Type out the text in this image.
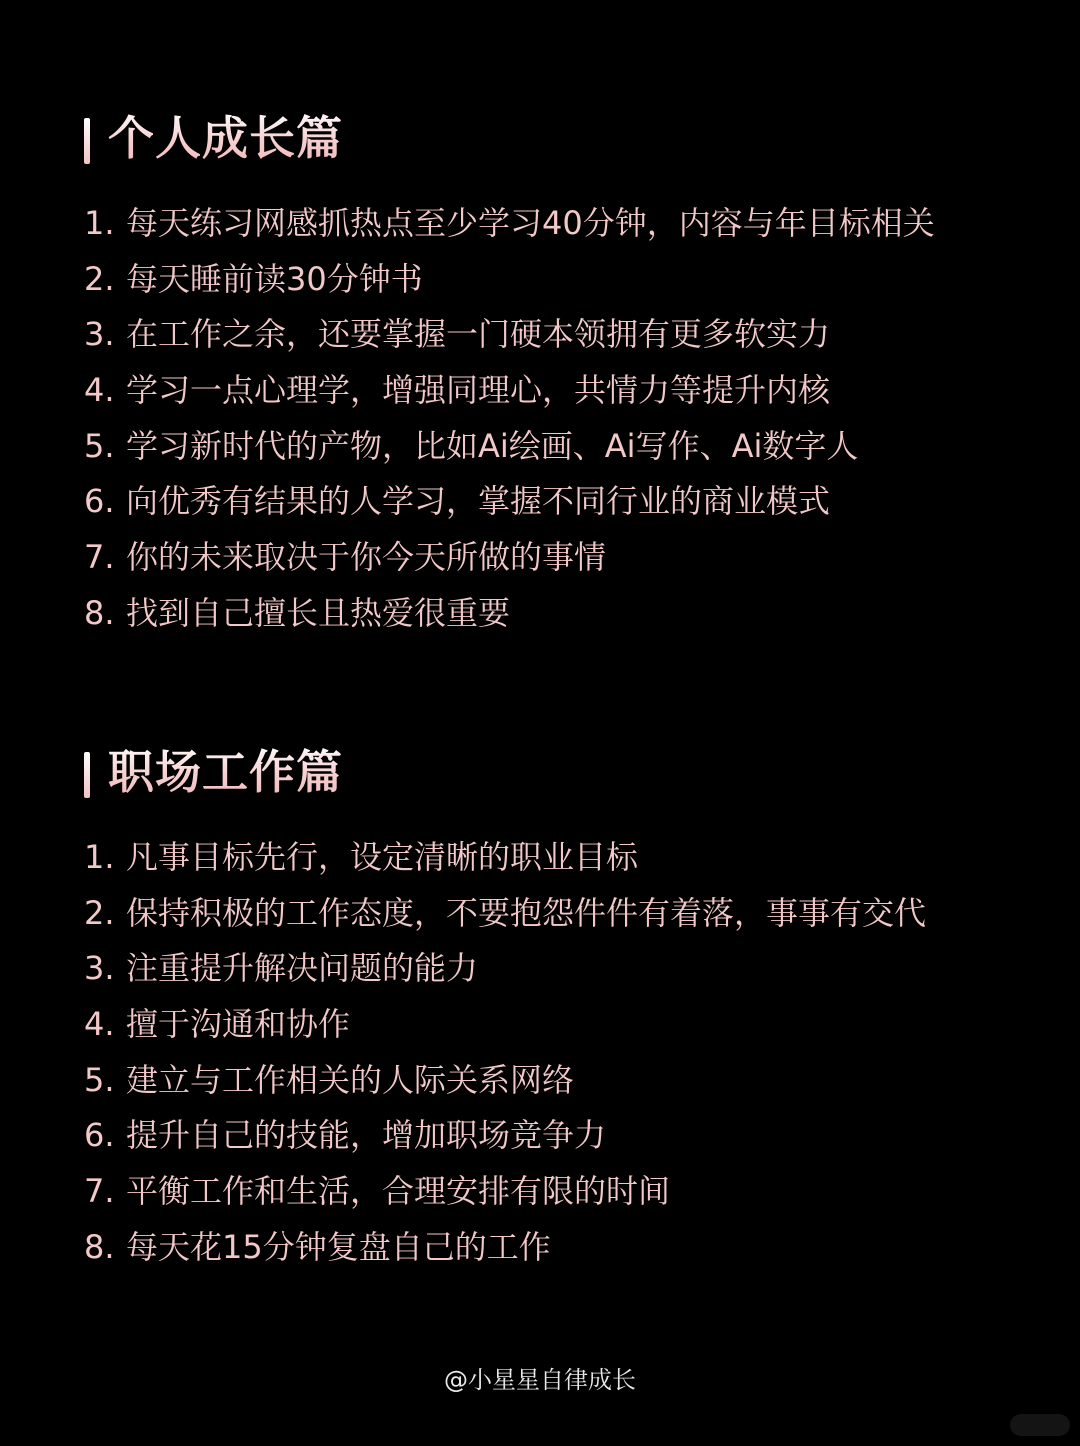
个人成长篇
1. 每天练习网感抓热点至少学习40分钟，内容与年目标相关
2. 每天睡前读30分钟书
3. 在工作之余，还要掌握一门硬本领拥有更多软实力
4. 学习一点心理学，增强同理心，共情力等提升内核
5. 学习新时代的产物，比如Ai绘画、Ai写作、Ai数字人
6. 向优秀有结果的人学习，掌握不同行业的商业模式
7. 你的未来取决于你今天所做的事情
8. 找到自己擅长且热爱很重要
职场工作篇
1. 凡事目标先行，设定清晰的职业目标
2. 保持积极的工作态度，不要抱怨件件有着落，事事有交代
3. 注重提升解决问题的能力
4. 擅于沟通和协作
5. 建立与工作相关的人际关系网络
6. 提升自己的技能，增加职场竞争力
7. 平衡工作和生活，合理安排有限的时间
8. 每天花15分钟复盘自己的工作
@小星星自律成长
